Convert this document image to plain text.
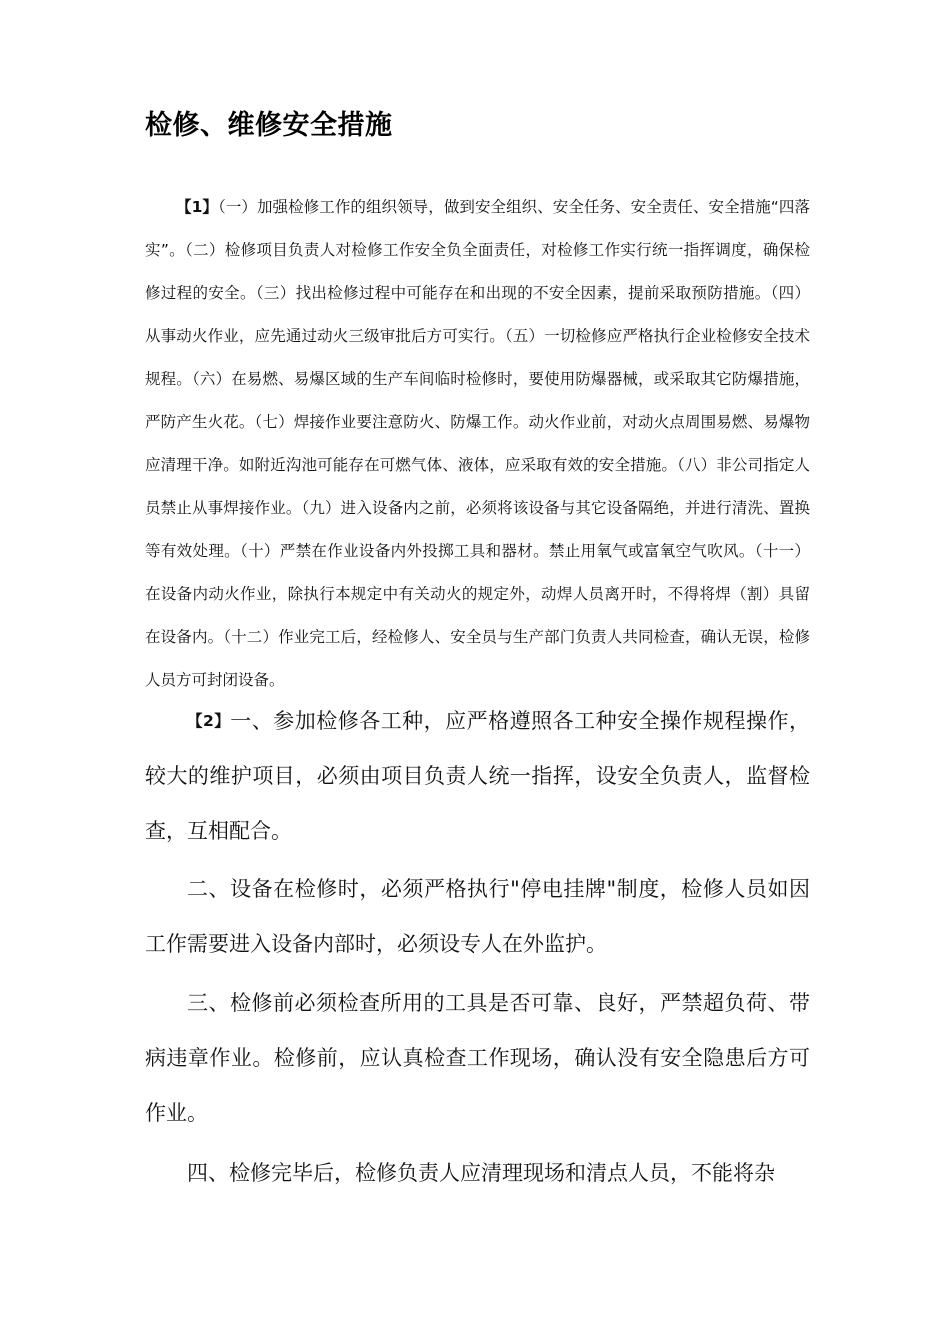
检修、维修安全措施

【1】（一）加强检修工作的组织领导，做到安全组织、安全任务、安全责任、安全措施“四落实”。（二）检修项目负责人对检修工作安全负全面责任，对检修工作实行统一指挥调度，确保检修过程的安全。（三）找出检修过程中可能存在和出现的不安全因素，提前采取预防措施。（四）从事动火作业，应先通过动火三级审批后方可实行。（五）一切检修应严格执行企业检修安全技术规程。（六）在易燃、易爆区域的生产车间临时检修时，要使用防爆器械，或采取其它防爆措施，严防产生火花。（七）焊接作业要注意防火、防爆工作。动火作业前，对动火点周围易燃、易爆物应清理干净。如附近沟池可能存在可燃气体、液体，应采取有效的安全措施。（八）非公司指定人员禁止从事焊接作业。（九）进入设备内之前，必须将该设备与其它设备隔绝，并进行清洗、置换等有效处理。（十）严禁在作业设备内外投掷工具和器材。禁止用氧气或富氧空气吹风。（十一）在设备内动火作业，除执行本规定中有关动火的规定外，动焊人员离开时，不得将焊（割）具留在设备内。（十二）作业完工后，经检修人、安全员与生产部门负责人共同检查，确认无误，检修人员方可封闭设备。

【2】一、参加检修各工种，应严格遵照各工种安全操作规程操作，较大的维护项目，必须由项目负责人统一指挥，设安全负责人，监督检查，互相配合。

二、设备在检修时，必须严格执行"停电挂牌"制度，检修人员如因工作需要进入设备内部时，必须设专人在外监护。

三、检修前必须检查所用的工具是否可靠、良好，严禁超负荷、带病违章作业。检修前，应认真检查工作现场，确认没有安全隐患后方可作业。

四、检修完毕后，检修负责人应清理现场和清点人员，不能将杂
